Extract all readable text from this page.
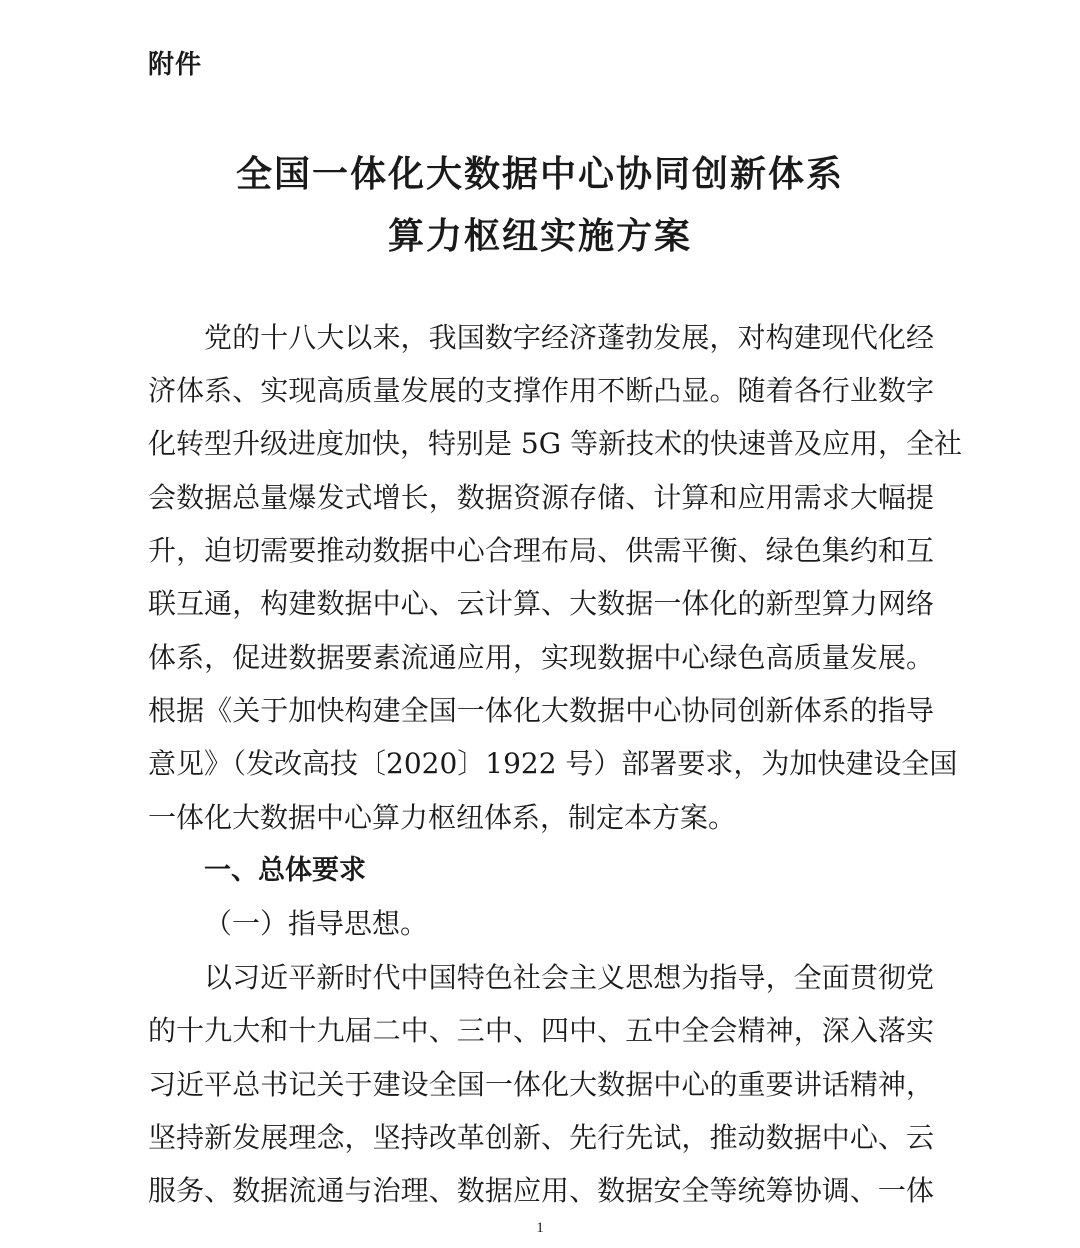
附件
全国一体化大数据中心协同创新体系
算力枢纽实施方案
党的十八大以来，我国数字经济蓬勃发展，对构建现代化经
济体系、实现高质量发展的支撑作用不断凸显。随着各行业数字
化转型升级进度加快，特别是 5G 等新技术的快速普及应用，全社
会数据总量爆发式增长，数据资源存储、计算和应用需求大幅提
升，迫切需要推动数据中心合理布局、供需平衡、绿色集约和互
联互通，构建数据中心、云计算、大数据一体化的新型算力网络
体系，促进数据要素流通应用，实现数据中心绿色高质量发展。
根据《关于加快构建全国一体化大数据中心协同创新体系的指导
意见》（发改高技〔2020〕1922 号）部署要求，为加快建设全国
一体化大数据中心算力枢纽体系，制定本方案。
一、总体要求
（一）指导思想。
以习近平新时代中国特色社会主义思想为指导，全面贯彻党
的十九大和十九届二中、三中、四中、五中全会精神，深入落实
习近平总书记关于建设全国一体化大数据中心的重要讲话精神，
坚持新发展理念，坚持改革创新、先行先试，推动数据中心、云
服务、数据流通与治理、数据应用、数据安全等统筹协调、一体
1
